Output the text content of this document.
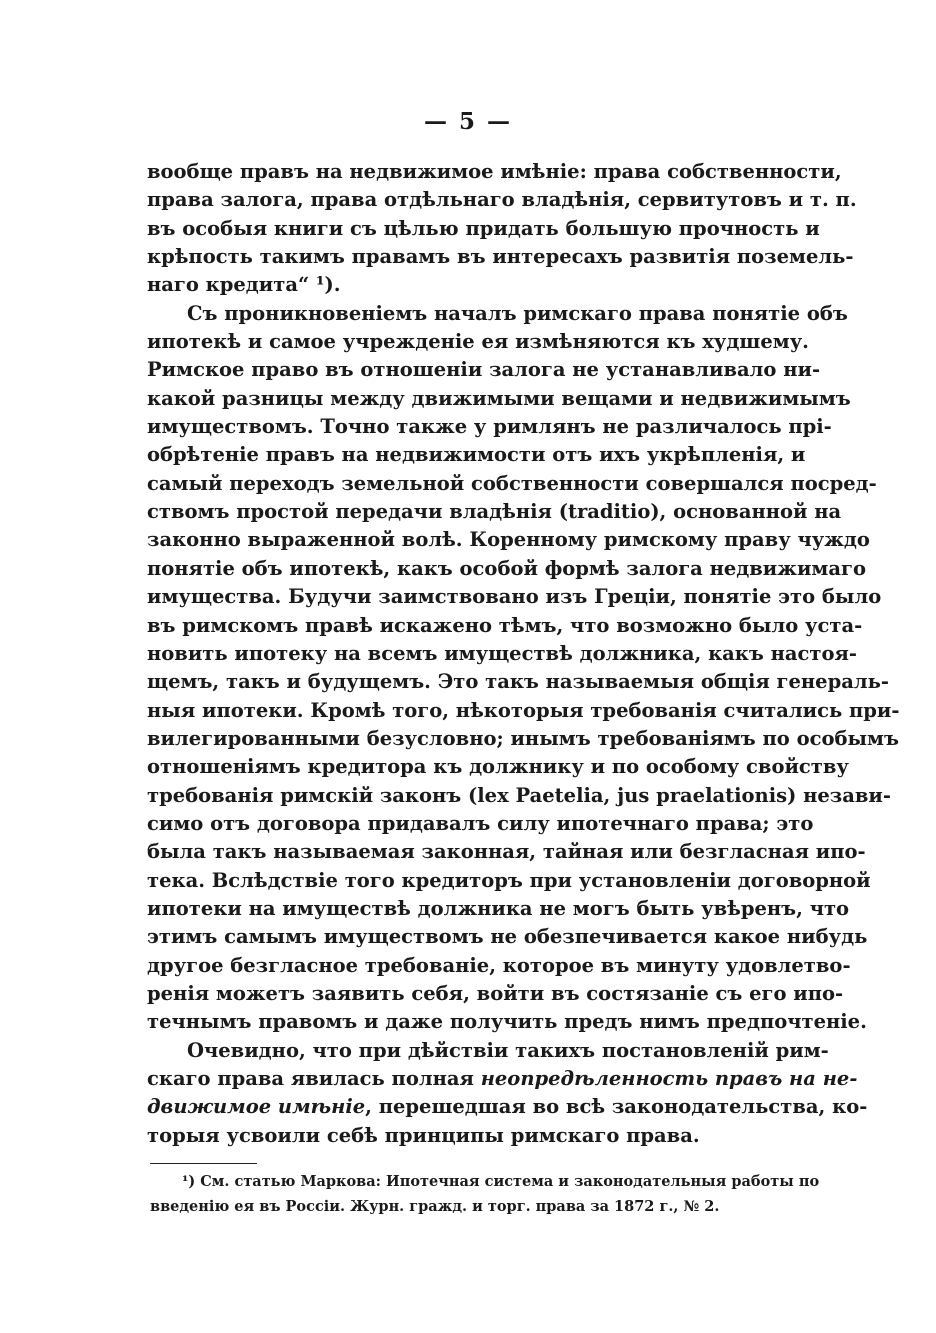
— 5 —
вообще правъ на недвижимое имѣніе: права собственности,
права залога, права отдѣльнаго владѣнія, сервитутовъ и т. п.
въ особыя книги съ цѣлью придать большую прочность и
крѣпость такимъ правамъ въ интересахъ развитія поземель-
наго кредита“ ¹).
Съ проникновеніемъ началъ римскаго права понятіе объ
ипотекѣ и самое учрежденіе ея измѣняются къ худшему.
Римское право въ отношеніи залога не устанавливало ни-
какой разницы между движимыми вещами и недвижимымъ
имуществомъ. Точно также у римлянъ не различалось прі-
обрѣтеніе правъ на недвижимости отъ ихъ укрѣпленія, и
самый переходъ земельной собственности совершался посред-
ствомъ простой передачи владѣнія (traditio), основанной на
законно выраженной волѣ. Коренному римскому праву чуждо
понятіе объ ипотекѣ, какъ особой формѣ залога недвижимаго
имущества. Будучи заимствовано изъ Греціи, понятіе это было
въ римскомъ правѣ искажено тѣмъ, что возможно было уста-
новить ипотеку на всемъ имуществѣ должника, какъ настоя-
щемъ, такъ и будущемъ. Это такъ называемыя общія генераль-
ныя ипотеки. Кромѣ того, нѣкоторыя требованія считались при-
вилегированными безусловно; инымъ требованіямъ по особымъ
отношеніямъ кредитора къ должнику и по особому свойству
требованія римскій законъ (lex Paetelia, jus praelationis) незави-
симо отъ договора придавалъ силу ипотечнаго права; это
была такъ называемая законная, тайная или безгласная ипо-
тека. Вслѣдствіе того кредиторъ при установленіи договорной
ипотеки на имуществѣ должника не могъ быть увѣренъ, что
этимъ самымъ имуществомъ не обезпечивается какое нибудь
другое безгласное требованіе, которое въ минуту удовлетво-
ренія можетъ заявить себя, войти въ состязаніе съ его ипо-
течнымъ правомъ и даже получить предъ нимъ предпочтеніе.
Очевидно, что при дѣйствіи такихъ постановленій рим-
скаго права явилась полная неопредѣленность правъ на не-
движимое имѣніе, перешедшая во всѣ законодательства, ко-
торыя усвоили себѣ принципы римскаго права.
¹) См. статью Маркова: Ипотечная система и законодательныя работы по
введенію ея въ Россіи. Журн. гражд. и торг. права за 1872 г., № 2.
